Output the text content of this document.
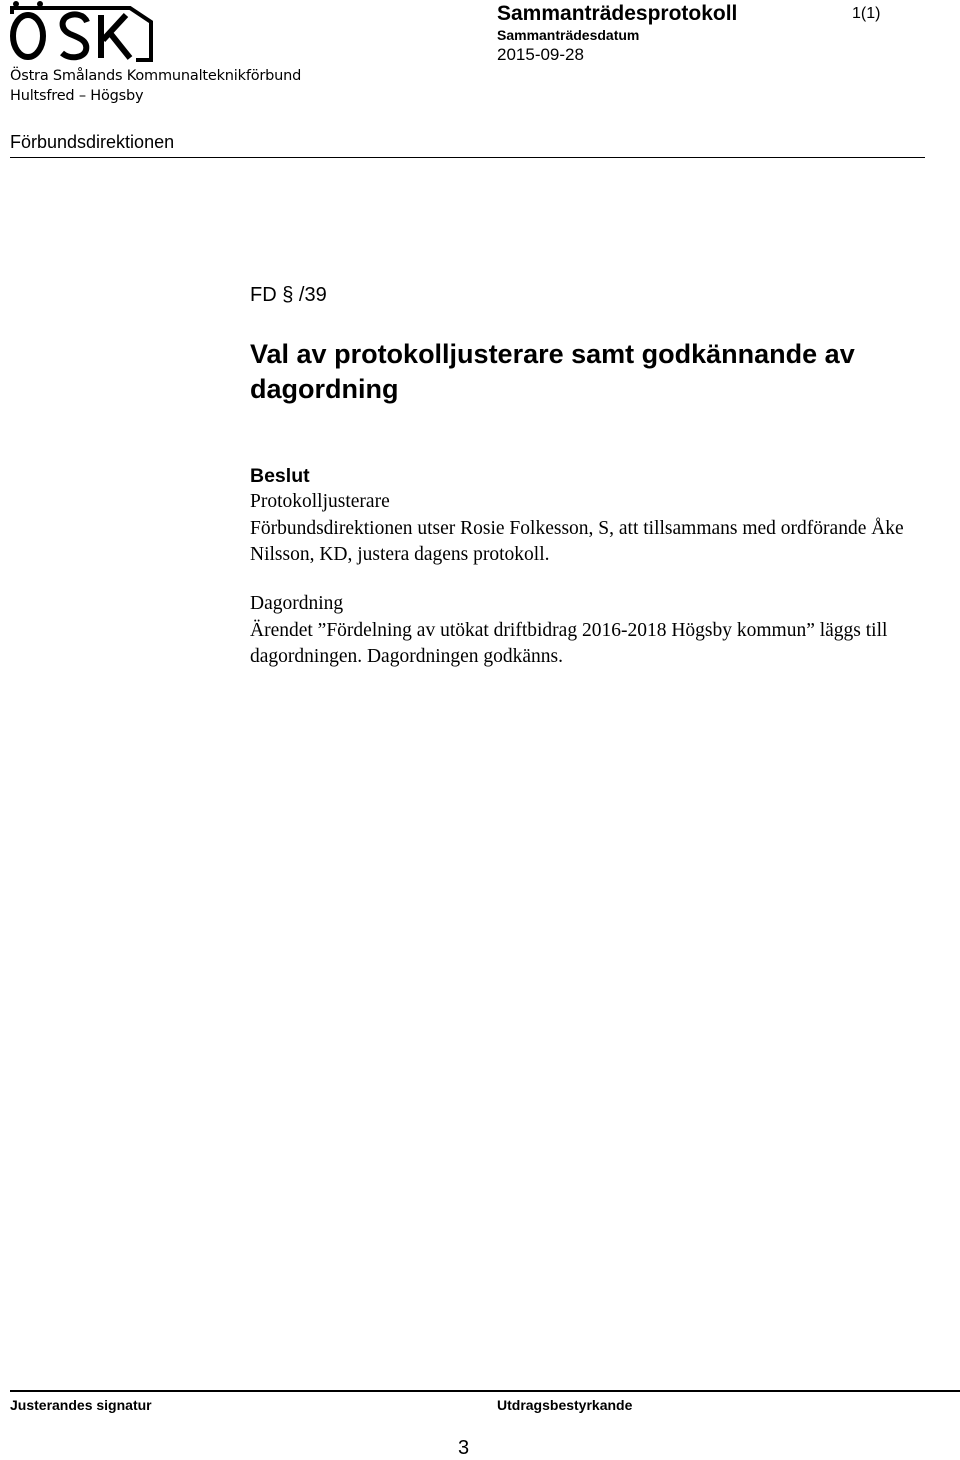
ÖSK
Östra Smålands Kommunalteknikförbund
Hultsfred – Högsby
Sammanträdesprotokoll
Sammanträdesdatum
2015-09-28
1(1)
Förbundsdirektionen
FD § /39
Val av protokolljusterare samt godkännande av dagordning
Beslut
Protokolljusterare
Förbundsdirektionen utser Rosie Folkesson, S, att tillsammans med ordförande Åke Nilsson, KD, justera dagens protokoll.
Dagordning
Ärendet ”Fördelning av utökat driftbidrag 2016-2018 Högsby kommun” läggs till dagordningen. Dagordningen godkänns.
Justerandes signatur	Utdragsbestyrkande
3
